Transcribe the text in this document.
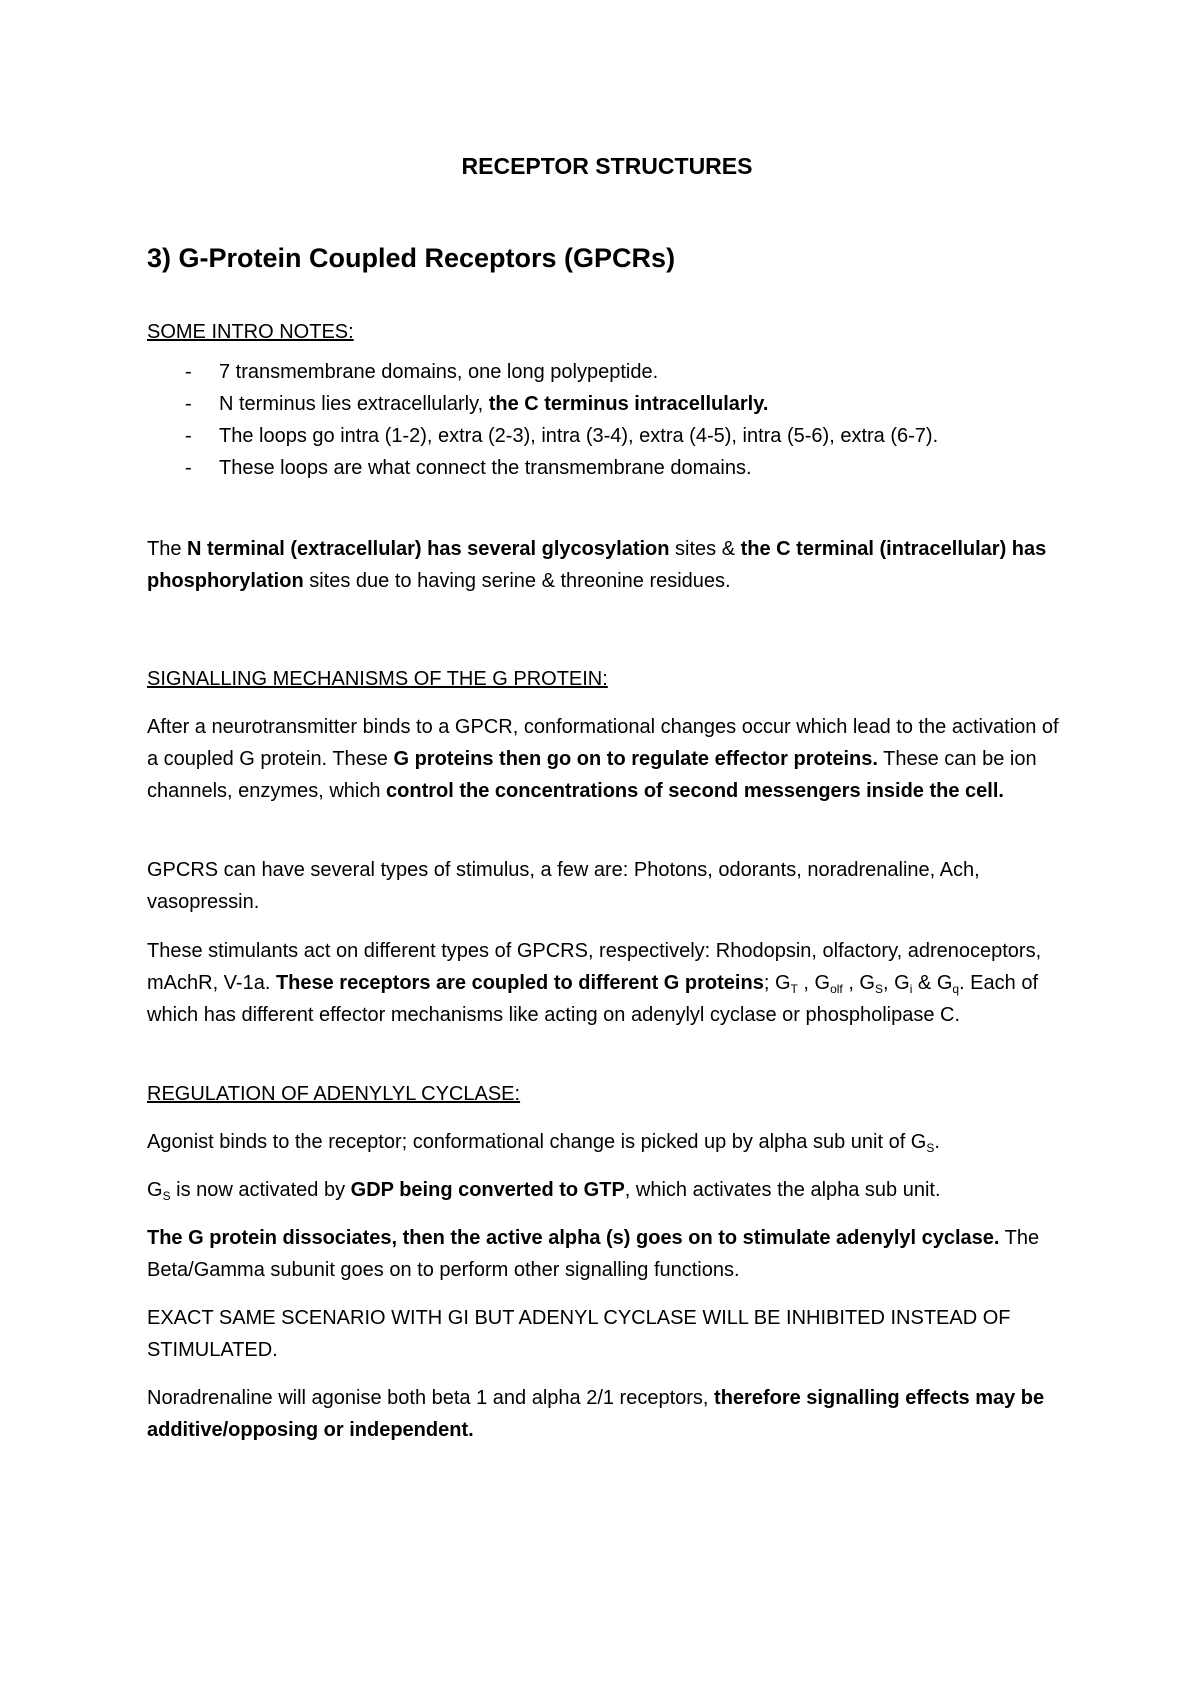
RECEPTOR STRUCTURES
3) G-Protein Coupled Receptors (GPCRs)
SOME INTRO NOTES:
- 7 transmembrane domains, one long polypeptide.
- N terminus lies extracellularly, the C terminus intracellularly.
- The loops go intra (1-2), extra (2-3), intra (3-4), extra (4-5), intra (5-6), extra (6-7).
- These loops are what connect the transmembrane domains.

The N terminal (extracellular) has several glycosylation sites & the C terminal (intracellular) has phosphorylation sites due to having serine & threonine residues.

SIGNALLING MECHANISMS OF THE G PROTEIN:

After a neurotransmitter binds to a GPCR, conformational changes occur which lead to the activation of a coupled G protein. These G proteins then go on to regulate effector proteins. These can be ion channels, enzymes, which control the concentrations of second messengers inside the cell.

GPCRS can have several types of stimulus, a few are: Photons, odorants, noradrenaline, Ach, vasopressin.

These stimulants act on different types of GPCRS, respectively: Rhodopsin, olfactory, adrenoceptors, mAchR, V-1a. These receptors are coupled to different G proteins; $G_T$ , $G_{olf}$ , $G_S$, $G_i$ & $G_q$. Each of which has different effector mechanisms like acting on adenylyl cyclase or phospholipase C.

REGULATION OF ADENYLYL CYCLASE:

Agonist binds to the receptor; conformational change is picked up by alpha sub unit of $G_S$.

$G_S$ is now activated by GDP being converted to GTP, which activates the alpha sub unit.

The G protein dissociates, then the active alpha (s) goes on to stimulate adenylyl cyclase. The Beta/Gamma subunit goes on to perform other signalling functions.

EXACT SAME SCENARIO WITH GI BUT ADENYL CYCLASE WILL BE INHIBITED INSTEAD OF STIMULATED.

Noradrenaline will agonise both beta 1 and alpha 2/1 receptors, therefore signalling effects may be additive/opposing or independent.
